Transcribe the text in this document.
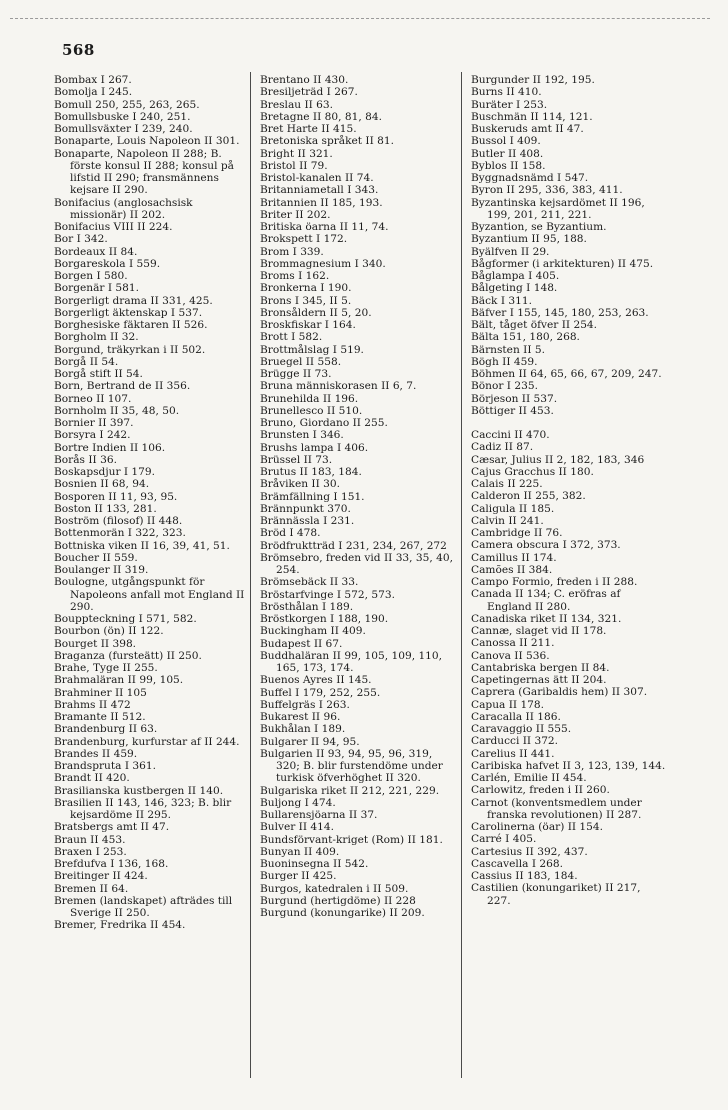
568
Bombax I 267.
Bomolja I 245.
Bomull 250, 255, 263, 265.
Bomullsbuske I 240, 251.
Bomullsväxter I 239, 240.
Bonaparte, Louis Napoleon II 301.
Bonaparte, Napoleon II 288; B. förste konsul II 288; konsul på lifstid II 290; fransmännens kejsare II 290.
Bonifacius (anglosachsisk missionär) II 202.
Bonifacius VIII II 224.
Bor I 342.
Bordeaux II 84.
Borgareskola I 559.
Borgen I 580.
Borgenär I 581.
Borgerligt drama II 331, 425.
Borgerligt äktenskap I 537.
Borghesiske fäktaren II 526.
Borgholm II 32.
Borgund, träkyrkan i II 502.
Borgå II 54.
Borgå stift II 54.
Born, Bertrand de II 356.
Borneo II 107.
Bornholm II 35, 48, 50.
Bornier II 397.
Borsyra I 242.
Bortre Indien II 106.
Borås II 36.
Boskapsdjur I 179.
Bosnien II 68, 94.
Bosporen II 11, 93, 95.
Boston II 133, 281.
Boström (filosof) II 448.
Bottenmorän I 322, 323.
Bottniska viken II 16, 39, 41, 51.
Boucher II 559.
Boulanger II 319.
Boulogne, utgångspunkt för Napoleons anfall mot England II 290.
Bouppteckning I 571, 582.
Bourbon (ön) II 122.
Bourget II 398.
Braganza (fursteätt) II 250.
Brahe, Tyge II 255.
Brahmaläran II 99, 105.
Brahminer II 105
Brahms II 472
Bramante II 512.
Brandenburg II 63.
Brandenburg, kurfurstar af II 244.
Brandes II 459.
Brandspruta I 361.
Brandt II 420.
Brasilianska kustbergen II 140.
Brasilien II 143, 146, 323; B. blir kejsardöme II 295.
Bratsbergs amt II 47.
Braun II 453.
Braxen I 253.
Brefdufva I 136, 168.
Breitinger II 424.
Bremen II 64.
Bremen (landskapet) afträdes till Sverige II 250.
Bremer, Fredrika II 454.
Brentano II 430.
Bresiljeträd I 267.
Breslau II 63.
Bretagne II 80, 81, 84.
Bret Harte II 415.
Bretoniska språket II 81.
Bright II 321.
Bristol II 79.
Bristol-kanalen II 74.
Britanniametall I 343.
Britannien II 185, 193.
Briter II 202.
Britiska öarna II 11, 74.
Brokspett I 172.
Brom I 339.
Brommagnesium I 340.
Broms I 162.
Bronkerna I 190.
Brons I 345, II 5.
Bronsåldern II 5, 20.
Broskfiskar I 164.
Brott I 582.
Brottmålslag I 519.
Bruegel II 558.
Brügge II 73.
Bruna människorasen II 6, 7.
Brunehilda II 196.
Brunellesco II 510.
Bruno, Giordano II 255.
Brunsten I 346.
Brushs lampa I 406.
Brüssel II 73.
Brutus II 183, 184.
Bråviken II 30.
Brämfällning I 151.
Brännpunkt 370.
Brännässla I 231.
Bröd I 478.
Brödfruktträd I 231, 234, 267, 272
Brömsebro, freden vid II 33, 35, 40, 254.
Brömsebäck II 33.
Bröstarfvinge I 572, 573.
Brösthålan I 189.
Bröstkorgen I 188, 190.
Buckingham II 409.
Budapest II 67.
Buddhaläran II 99, 105, 109, 110, 165, 173, 174.
Buenos Ayres II 145.
Buffel I 179, 252, 255.
Buffelgräs I 263.
Bukarest II 96.
Bukhålan I 189.
Bulgarer II 94, 95.
Bulgarien II 93, 94, 95, 96, 319, 320; B. blir furstendöme under turkisk öfverhöghet II 320.
Bulgariska riket II 212, 221, 229.
Buljong I 474.
Bullarensjöarna II 37.
Bulver II 414.
Bundsförvant-kriget (Rom) II 181.
Bunyan II 409.
Buoninsegna II 542.
Burger II 425.
Burgos, katedralen i II 509.
Burgund (hertigdöme) II 228
Burgund (konungarike) II 209.
Burgunder II 192, 195.
Burns II 410.
Buräter I 253.
Buschmän II 114, 121.
Buskeruds amt II 47.
Bussol I 409.
Butler II 408.
Byblos II 158.
Byggnadsnämd I 547.
Byron II 295, 336, 383, 411.
Byzantinska kejsardömet II 196, 199, 201, 211, 221.
Byzantion, se Byzantium.
Byzantium II 95, 188.
Byälfven II 29.
Bågformer (i arkitekturen) II 475.
Båglampa I 405.
Bålgeting I 148.
Bäck I 311.
Bäfver I 155, 145, 180, 253, 263.
Bält, tåget öfver II 254.
Bälta 151, 180, 268.
Bärnsten II 5.
Bögh II 459.
Böhmen II 64, 65, 66, 67, 209, 247.
Bönor I 235.
Börjeson II 537.
Böttiger II 453.
Caccini II 470.
Cadiz II 87.
Cæsar, Julius II 2, 182, 183, 346
Cajus Gracchus II 180.
Calais II 225.
Calderon II 255, 382.
Caligula II 185.
Calvin II 241.
Cambridge II 76.
Camera obscura I 372, 373.
Camillus II 174.
Camões II 384.
Campo Formio, freden i II 288.
Canada II 134; C. eröfras af England II 280.
Canadiska riket II 134, 321.
Cannæ, slaget vid II 178.
Canossa II 211.
Canova II 536.
Cantabriska bergen II 84.
Capetingernas ätt II 204.
Caprera (Garibaldis hem) II 307.
Capua II 178.
Caracalla II 186.
Caravaggio II 555.
Carducci II 372.
Carelius II 441.
Caribiska hafvet II 3, 123, 139, 144.
Carlén, Emilie II 454.
Carlowitz, freden i II 260.
Carnot (konventsmedlem under franska revolutionen) II 287.
Carolinerna (öar) II 154.
Carré I 405.
Cartesius II 392, 437.
Cascavella I 268.
Cassius II 183, 184.
Castilien (konungariket) II 217, 227.
